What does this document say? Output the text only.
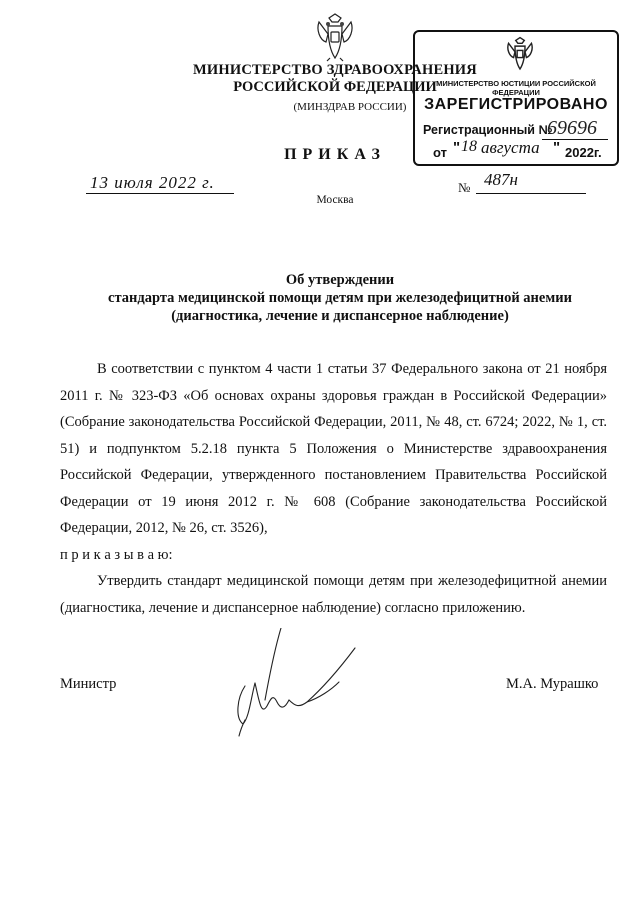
МИНИСТЕРСТВО ЗДРАВООХРАНЕНИЯ
РОССИЙСКОЙ ФЕДЕРАЦИИ
(МИНЗДРАВ РОССИИ)
ПРИКАЗ
МИНИСТЕРСТВО ЮСТИЦИИ РОССИЙСКОЙ ФЕДЕРАЦИИ
ЗАРЕГИСТРИРОВАНО
Регистрационный №
69696
от " 18 августа " 2022г.
13 июля 2022 г.	№ 487н
Москва
Об утверждении
стандарта медицинской помощи детям при железодефицитной анемии
(диагностика, лечение и диспансерное наблюдение)

В соответствии с пунктом 4 части 1 статьи 37 Федерального закона от 21 ноября 2011 г. № 323-ФЗ «Об основах охраны здоровья граждан в Российской Федерации» (Собрание законодательства Российской Федерации, 2011, № 48, ст. 6724; 2022, № 1, ст. 51) и подпунктом 5.2.18 пункта 5 Положения о Министерстве здравоохранения Российской Федерации, утвержденного постановлением Правительства Российской Федерации от 19 июня 2012 г. № 608 (Собрание законодательства Российской Федерации, 2012, № 26, ст. 3526),
п р и к а з ы в а ю:

Утвердить стандарт медицинской помощи детям при железодефицитной анемии (диагностика, лечение и диспансерное наблюдение) согласно приложению.

Министр	М.А. Мурашко
